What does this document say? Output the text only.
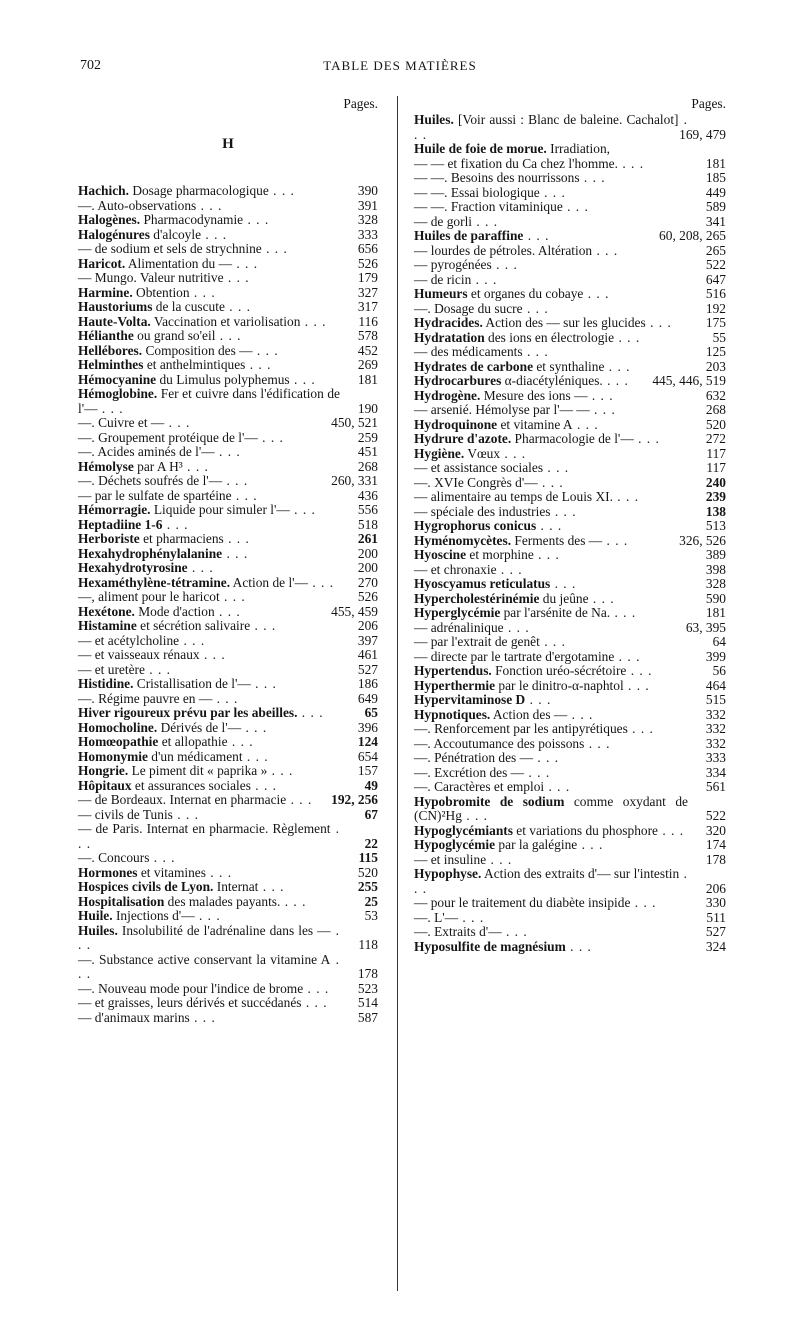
702	TABLE DES MATIÈRES
Pages.
H
Hachich. Dosage pharmacologique . . .	390
—. Auto-observations . . .	391
Halogènes. Pharmacodynamie . . .	328
Halogénures d'alcoyle . . .	333
— de sodium et sels de strychnine . . .	656
Haricot. Alimentation du — . . .	526
— Mungo. Valeur nutritive . . .	179
Harmine. Obtention . . .	327
Haustoriums de la cuscute . . .	317
Haute-Volta. Vaccination et variolisation . . .	116
Hélianthe ou grand so'eil . . .	578
Hellébores. Composition des — . . .	452
Helminthes et anthelmintiques . . .	269
Hémocyanine du Limulus polyphemus . . .	181
Hémoglobine. Fer et cuivre dans l'édification de l'— . . .	190
—. Cuivre et — . . .	450, 521
—. Groupement protéique de l'— . . .	259
—. Acides aminés de l'— . . .	451
Hémolyse par A H³ . . .	268
—. Déchets soufrés de l'— . . .	260, 331
— par le sulfate de spartéine . . .	436
Hémorragie. Liquide pour simuler l'— . . .	556
Heptadiine 1-6 . . .	518
Herboriste et pharmaciens . . .	261
Hexahydrophénylalanine . . .	200
Hexahydrotyrosine . . .	200
Hexaméthylène-tétramine. Action de l'— . . .	270
—, aliment pour le haricot . . .	526
Hexétone. Mode d'action . . .	455, 459
Histamine et sécrétion salivaire . . .	206
— et acétylcholine . . .	397
— et vaisseaux rénaux . . .	461
— et uretère . . .	527
Histidine. Cristallisation de l'— . . .	186
—. Régime pauvre en — . . .	649
Hiver rigoureux prévu par les abeilles. . . .	65
Homocholine. Dérivés de l'— . . .	396
Homœopathie et allopathie . . .	124
Homonymie d'un médicament . . .	654
Hongrie. Le piment dit « paprika » . . .	157
Hôpitaux et assurances sociales . . .	49
— de Bordeaux. Internat en pharmacie . . . 192, 256
— civils de Tunis . . .	67
— de Paris. Internat en pharmacie. Règlement . . .	22
—. Concours . . .	115
Hormones et vitamines . . .	520
Hospices civils de Lyon. Internat . . .	255
Hospitalisation des malades payants. . . .	25
Huile. Injections d'— . . .	53
Huiles. Insolubilité de l'adrénaline dans les — . . .	118
—. Substance active conservant la vitamine A . . .	178
—. Nouveau mode pour l'indice de brome . . .	523
— et graisses, leurs dérivés et succédanés . . .	514
— d'animaux marins . . .	587
Pages.
Huiles. [Voir aussi : Blanc de baleine. Cachalot] . . .	169, 479
Huile de foie de morue. Irradiation,
— — et fixation du Ca chez l'homme. . . .	181
— —. Besoins des nourrissons . . .	185
— —. Essai biologique . . .	449
— —. Fraction vitaminique . . .	589
— de gorli . . .	341
Huiles de paraffine . . .	60, 208, 265
— lourdes de pétroles. Altération . . .	265
— pyrogénées . . .	522
— de ricin . . .	647
Humeurs et organes du cobaye . . .	516
—. Dosage du sucre . . .	192
Hydracides. Action des — sur les glucides . . .	175
Hydratation des ions en électrologie . . .	55
— des médicaments . . .	125
Hydrates de carbone et synthaline . . .	203
Hydrocarbures α-diacétyléniques. . . . 445, 446, 519
Hydrogène. Mesure des ions — . . .	632
— arsenié. Hémolyse par l'— — . . .	268
Hydroquinone et vitamine A . . .	520
Hydrure d'azote. Pharmacologie de l'— . . .	272
Hygiène. Vœux . . .	117
— et assistance sociales . . .	117
—. XVIe Congrès d'— . . .	240
— alimentaire au temps de Louis XI. . . .	239
— spéciale des industries . . .	138
Hygrophorus conicus . . .	513
Hyménomycètes. Ferments des — . . .	326, 526
Hyoscine et morphine . . .	389
— et chronaxie . . .	398
Hyoscyamus reticulatus . . .	328
Hypercholestérinémie du jeûne . . .	590
Hyperglycémie par l'arsénite de Na. . . .	181
— adrénalinique . . .	63, 395
— par l'extrait de genêt . . .	64
— directe par le tartrate d'ergotamine . . .	399
Hypertendus. Fonction uréo-sécrétoire . . .	56
Hyperthermie par le dinitro-α-naphtol . . .	464
Hypervitaminose D . . .	515
Hypnotiques. Action des — . . .	332
—. Renforcement par les antipyrétiques . . .	332
—. Accoutumance des poissons . . .	332
—. Pénétration des — . . .	333
—. Excrétion des — . . .	334
—. Caractères et emploi . . .	561
Hypobromite de sodium comme oxydant de (CN)²Hg . . .	522
Hypoglycémiants et variations du phosphore . . .	320
Hypoglycémie par la galégine . . .	174
— et insuline . . .	178
Hypophyse. Action des extraits d'— sur l'intestin . . .	206
— pour le traitement du diabète insipide . . .	330
—. L'— . . .	511
—. Extraits d'— . . .	527
Hyposulfite de magnésium . . .	324
